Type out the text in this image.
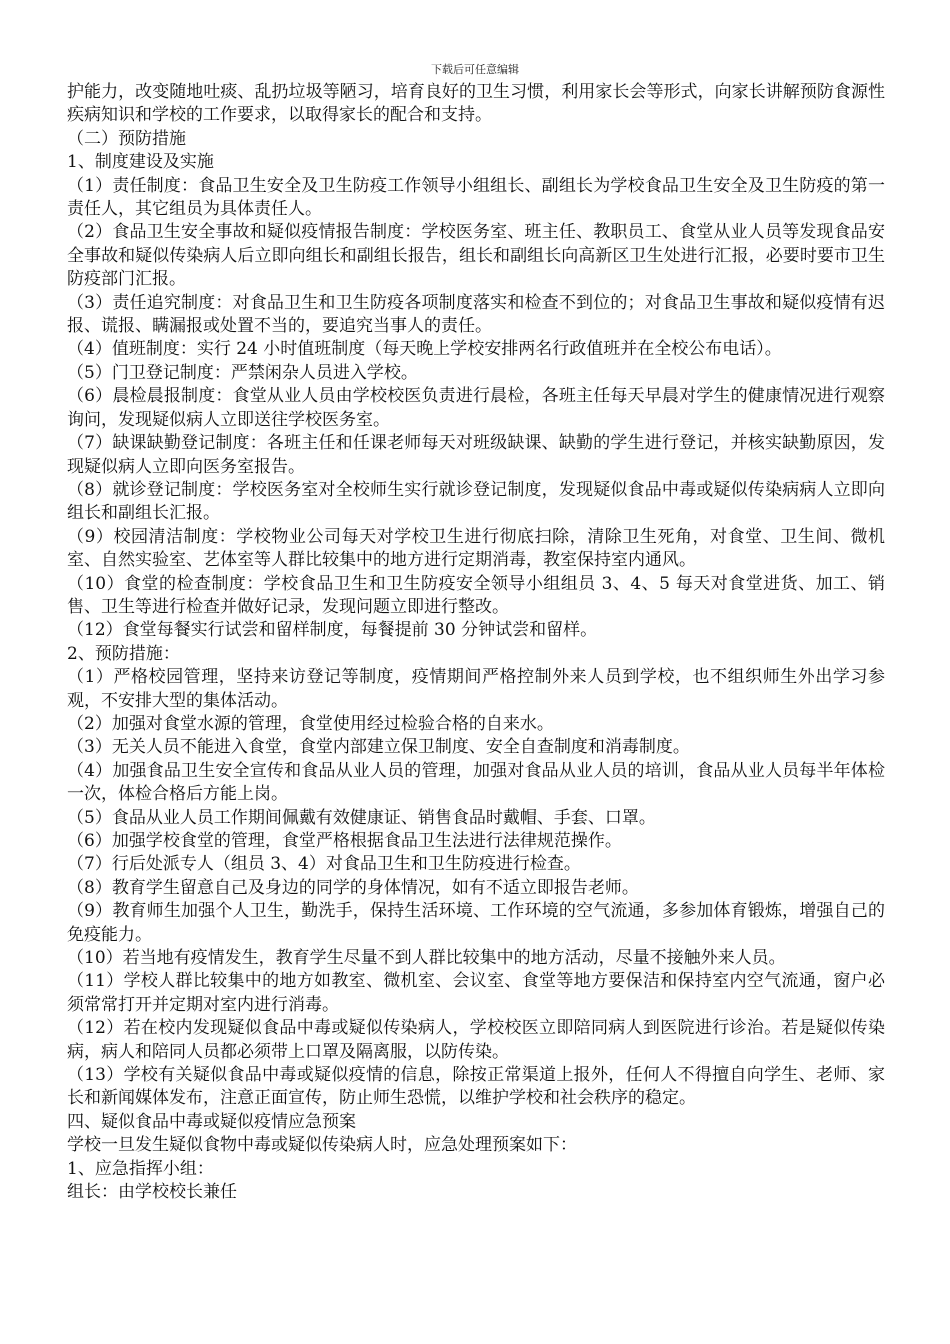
下载后可任意编辑

护能力，改变随地吐痰、乱扔垃圾等陋习，培育良好的卫生习惯，利用家长会等形式，向家长讲解预防食源性疾病知识和学校的工作要求，以取得家长的配合和支持。

（二）预防措施

1、制度建设及实施

（1）责任制度：食品卫生安全及卫生防疫工作领导小组组长、副组长为学校食品卫生安全及卫生防疫的第一责任人，其它组员为具体责任人。

（2）食品卫生安全事故和疑似疫情报告制度：学校医务室、班主任、教职员工、食堂从业人员等发现食品安全事故和疑似传染病人后立即向组长和副组长报告，组长和副组长向高新区卫生处进行汇报，必要时要市卫生防疫部门汇报。

（3）责任追究制度：对食品卫生和卫生防疫各项制度落实和检查不到位的；对食品卫生事故和疑似疫情有迟报、谎报、瞒漏报或处置不当的，要追究当事人的责任。

（4）值班制度：实行 24 小时值班制度（每天晚上学校安排两名行政值班并在全校公布电话）。

（5）门卫登记制度：严禁闲杂人员进入学校。

（6）晨检晨报制度：食堂从业人员由学校校医负责进行晨检，各班主任每天早晨对学生的健康情况进行观察询问，发现疑似病人立即送往学校医务室。

（7）缺课缺勤登记制度：各班主任和任课老师每天对班级缺课、缺勤的学生进行登记，并核实缺勤原因，发现疑似病人立即向医务室报告。

（8）就诊登记制度：学校医务室对全校师生实行就诊登记制度，发现疑似食品中毒或疑似传染病病人立即向组长和副组长汇报。

（9）校园清洁制度：学校物业公司每天对学校卫生进行彻底扫除，清除卫生死角，对食堂、卫生间、微机室、自然实验室、艺体室等人群比较集中的地方进行定期消毒，教室保持室内通风。

（10）食堂的检查制度：学校食品卫生和卫生防疫安全领导小组组员 3、4、5 每天对食堂进货、加工、销售、卫生等进行检查并做好记录，发现问题立即进行整改。

（12）食堂每餐实行试尝和留样制度，每餐提前 30 分钟试尝和留样。

2、预防措施：

（1）严格校园管理，坚持来访登记等制度，疫情期间严格控制外来人员到学校，也不组织师生外出学习参观，不安排大型的集体活动。

（2）加强对食堂水源的管理，食堂使用经过检验合格的自来水。

（3）无关人员不能进入食堂，食堂内部建立保卫制度、安全自查制度和消毒制度。

（4）加强食品卫生安全宣传和食品从业人员的管理，加强对食品从业人员的培训，食品从业人员每半年体检一次，体检合格后方能上岗。

（5）食品从业人员工作期间佩戴有效健康证、销售食品时戴帽、手套、口罩。

（6）加强学校食堂的管理，食堂严格根据食品卫生法进行法律规范操作。

（7）行后处派专人（组员 3、4）对食品卫生和卫生防疫进行检查。

（8）教育学生留意自己及身边的同学的身体情况，如有不适立即报告老师。

（9）教育师生加强个人卫生，勤洗手，保持生活环境、工作环境的空气流通，多参加体育锻炼，增强自己的免疫能力。

（10）若当地有疫情发生，教育学生尽量不到人群比较集中的地方活动，尽量不接触外来人员。

（11）学校人群比较集中的地方如教室、微机室、会议室、食堂等地方要保洁和保持室内空气流通，窗户必须常常打开并定期对室内进行消毒。

（12）若在校内发现疑似食品中毒或疑似传染病人，学校校医立即陪同病人到医院进行诊治。若是疑似传染病，病人和陪同人员都必须带上口罩及隔离服，以防传染。

（13）学校有关疑似食品中毒或疑似疫情的信息，除按正常渠道上报外，任何人不得擅自向学生、老师、家长和新闻媒体发布，注意正面宣传，防止师生恐慌，以维护学校和社会秩序的稳定。

四、疑似食品中毒或疑似疫情应急预案

学校一旦发生疑似食物中毒或疑似传染病人时，应急处理预案如下：

1、应急指挥小组：

组长：由学校校长兼任
